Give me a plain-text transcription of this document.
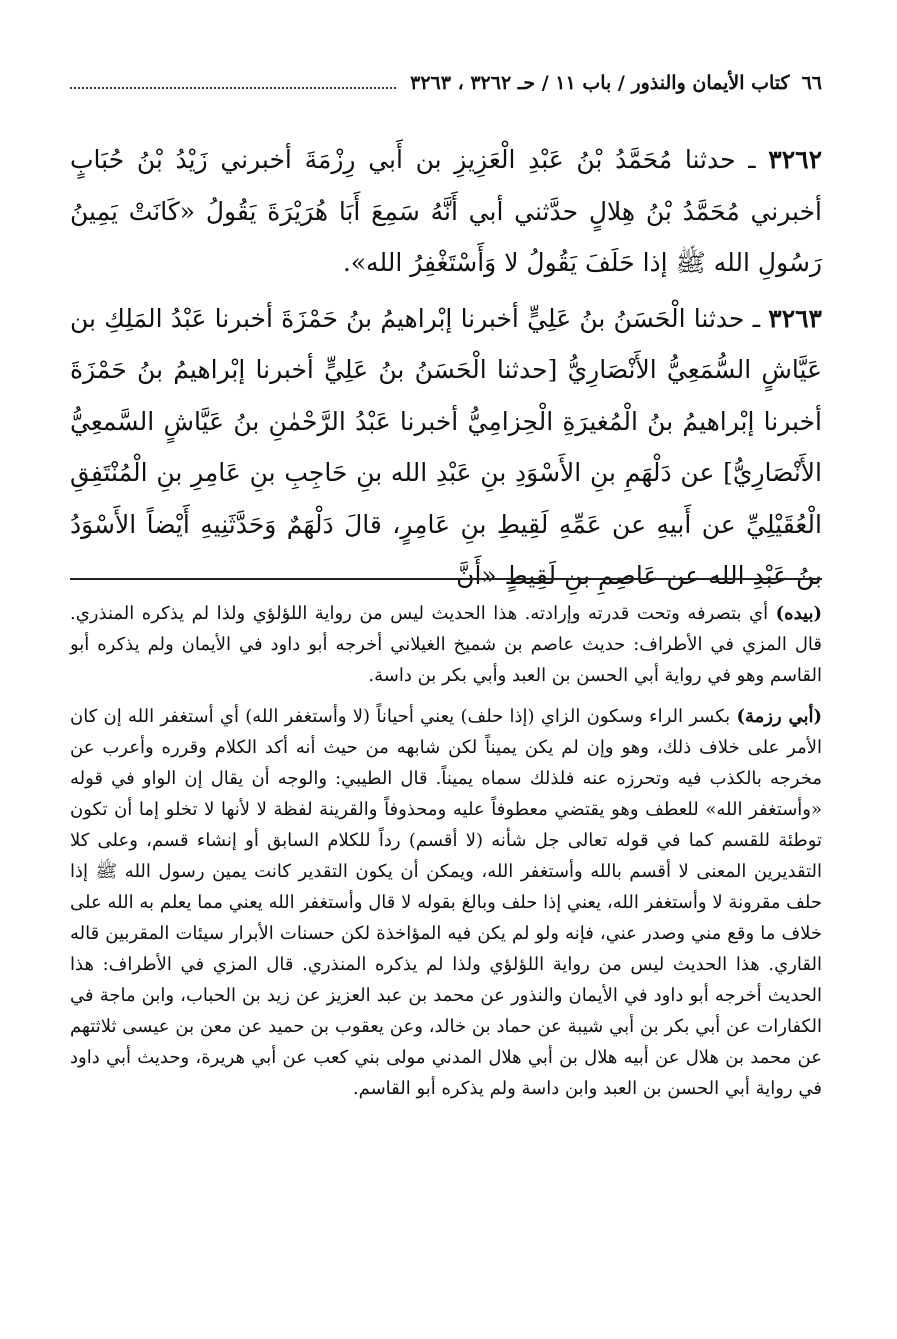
٦٦
كتاب الأيمان والنذور / باب ١١ / حـ ٣٢٦٢ ، ٣٢٦٣

٣٢٦٢ ـ حدثنا مُحَمَّدُ بْنُ عَبْدِ الْعَزِيزِ بن أَبي رِزْمَةَ أخبرني زَيْدُ بْنُ حُبَابٍ أخبرني مُحَمَّدُ بْنُ هِلالٍ حدَّثني أبي أَنَّهُ سَمِعَ أَبَا هُرَيْرَةَ يَقُولُ «كَانَتْ يَمِينُ رَسُولِ الله ﷺ إذا حَلَفَ يَقُولُ لا وَأَسْتَغْفِرُ الله».

٣٢٦٣ ـ حدثنا الْحَسَنُ بنُ عَلِيٍّ أخبرنا إبْراهيمُ بنُ حَمْزَةَ أخبرنا عَبْدُ المَلِكِ بن عَيَّاشٍ السُّمَعِيُّ الأَنْصَارِيُّ [حدثنا الْحَسَنُ بنُ عَلِيٍّ أخبرنا إبْراهيمُ بنُ حَمْزَةَ أخبرنا إبْراهيمُ بنُ الْمُغيرَةِ الْحِزامِيُّ أخبرنا عَبْدُ الرَّحْمٰنِ بنُ عَيَّاشٍ السَّمعِيُّ الأَنْصَارِيُّ] عن دَلْهَمِ بنِ الأَسْوَدِ بنِ عَبْدِ الله بنِ حَاجِبِ بنِ عَامِرِ بنِ الْمُنْتَفِقِ الْعُقَيْلِيِّ عن أَبيهِ عن عَمِّهِ لَقِيطِ بنِ عَامِرٍ، قالَ دَلْهَمٌ وَحَدَّثَنِيهِ أَيْضاً الأَسْوَدُ بنُ عَبْدِ الله عن عَاصِمِ بنِ لَقِيطٍ «أَنَّ

(بيده) أي بتصرفه وتحت قدرته وإرادته. هذا الحديث ليس من رواية اللؤلؤي ولذا لم يذكره المنذري. قال المزي في الأطراف: حديث عاصم بن شميخ الغيلاني أخرجه أبو داود في الأيمان ولم يذكره أبو القاسم وهو في رواية أبي الحسن بن العبد وأبي بكر بن داسة.

(أبي رزمة) بكسر الراء وسكون الزاي (إذا حلف) يعني أحياناً (لا وأستغفر الله) أي أستغفر الله إن كان الأمر على خلاف ذلك، وهو وإن لم يكن يميناً لكن شابهه من حيث أنه أكد الكلام وقرره وأعرب عن مخرجه بالكذب فيه وتحرزه عنه فلذلك سماه يميناً. قال الطيبي: والوجه أن يقال إن الواو في قوله «وأستغفر الله» للعطف وهو يقتضي معطوفاً عليه ومحذوفاً والقرينة لفظة لا لأنها لا تخلو إما أن تكون توطئة للقسم كما في قوله تعالى جل شأنه (لا أقسم) رداً للكلام السابق أو إنشاء قسم، وعلى كلا التقديرين المعنى لا أقسم بالله وأستغفر الله، ويمكن أن يكون التقدير كانت يمين رسول الله ﷺ إذا حلف مقرونة لا وأستغفر الله، يعني إذا حلف وبالغ بقوله لا قال وأستغفر الله يعني مما يعلم به الله على خلاف ما وقع مني وصدر عني، فإنه ولو لم يكن فيه المؤاخذة لكن حسنات الأبرار سيئات المقربين قاله القاري. هذا الحديث ليس من رواية اللؤلؤي ولذا لم يذكره المنذري. قال المزي في الأطراف: هذا الحديث أخرجه أبو داود في الأيمان والنذور عن محمد بن عبد العزيز عن زيد بن الحباب، وابن ماجة في الكفارات عن أبي بكر بن أبي شيبة عن حماد بن خالد، وعن يعقوب بن حميد عن معن بن عيسى ثلاثتهم عن محمد بن هلال عن أبيه هلال بن أبي هلال المدني مولى بني كعب عن أبي هريرة، وحديث أبي داود في رواية أبي الحسن بن العبد وابن داسة ولم يذكره أبو القاسم.
